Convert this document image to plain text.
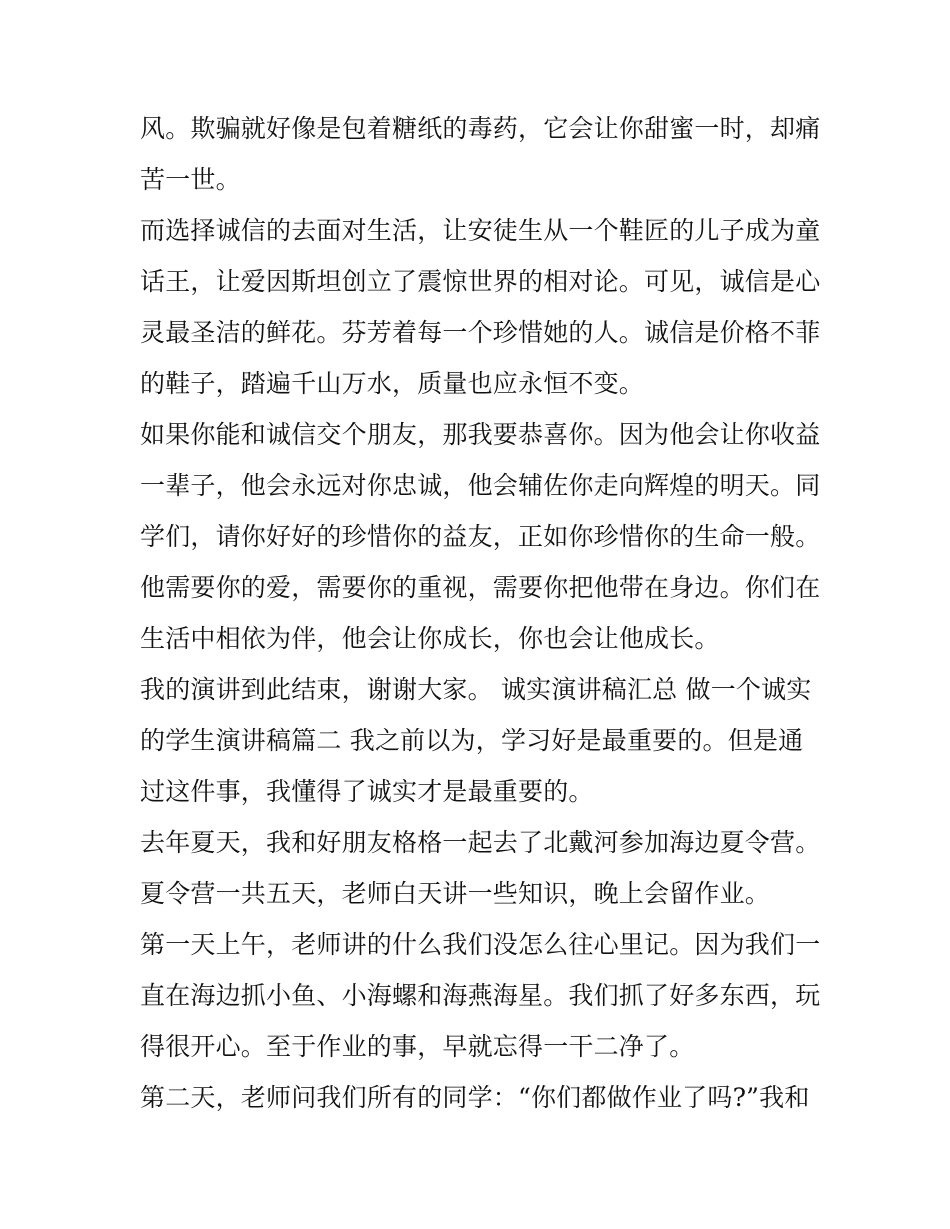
风。欺骗就好像是包着糖纸的毒药，它会让你甜蜜一时，却痛
苦一世。
而选择诚信的去面对生活，让安徒生从一个鞋匠的儿子成为童
话王，让爱因斯坦创立了震惊世界的相对论。可见，诚信是心
灵最圣洁的鲜花。芬芳着每一个珍惜她的人。诚信是价格不菲
的鞋子，踏遍千山万水，质量也应永恒不变。
如果你能和诚信交个朋友，那我要恭喜你。因为他会让你收益
一辈子，他会永远对你忠诚，他会辅佐你走向辉煌的明天。同
学们，请你好好的珍惜你的益友，正如你珍惜你的生命一般。
他需要你的爱，需要你的重视，需要你把他带在身边。你们在
生活中相依为伴，他会让你成长，你也会让他成长。
我的演讲到此结束，谢谢大家。 诚实演讲稿汇总 做一个诚实
的学生演讲稿篇二 我之前以为，学习好是最重要的。但是通
过这件事，我懂得了诚实才是最重要的。
去年夏天，我和好朋友格格一起去了北戴河参加海边夏令营。
夏令营一共五天，老师白天讲一些知识，晚上会留作业。
第一天上午，老师讲的什么我们没怎么往心里记。因为我们一
直在海边抓小鱼、小海螺和海燕海星。我们抓了好多东西，玩
得很开心。至于作业的事，早就忘得一干二净了。
第二天，老师问我们所有的同学：“你们都做作业了吗?”我和
